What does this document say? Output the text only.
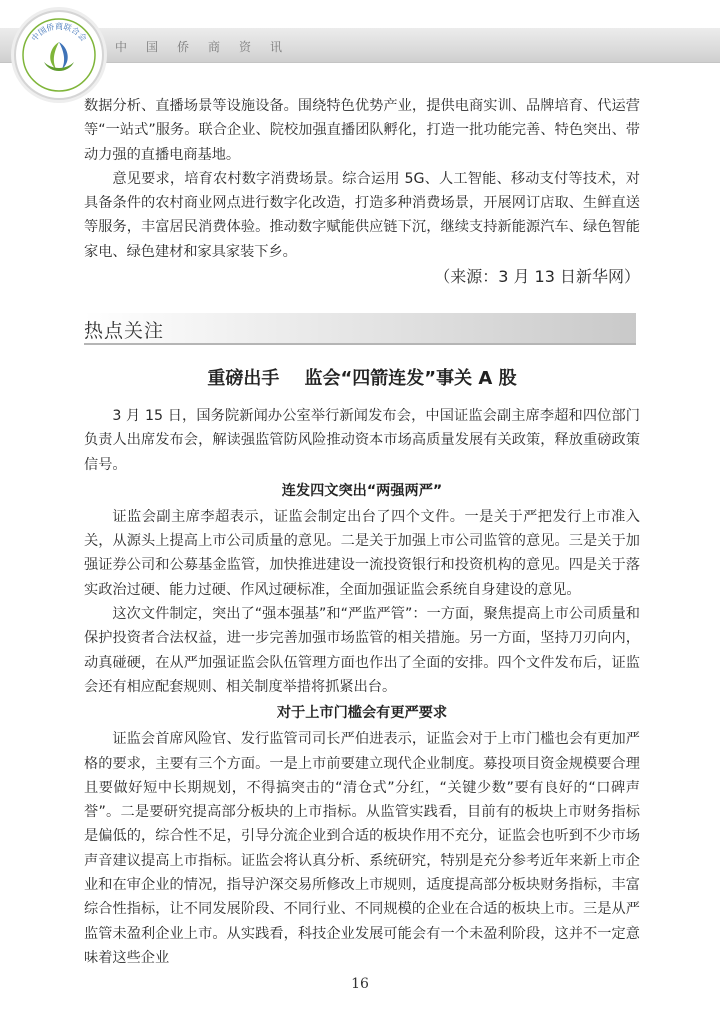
中国侨商资讯
中国侨商联合会

数据分析、直播场景等设施设备。围绕特色优势产业，提供电商实训、品牌培育、代运营等“一站式”服务。联合企业、院校加强直播团队孵化，打造一批功能完善、特色突出、带动力强的直播电商基地。

意见要求，培育农村数字消费场景。综合运用 5G、人工智能、移动支付等技术，对具备条件的农村商业网点进行数字化改造，打造多种消费场景，开展网订店取、生鲜直送等服务，丰富居民消费体验。推动数字赋能供应链下沉，继续支持新能源汽车、绿色智能家电、绿色建材和家具家装下乡。

（来源：3 月 13 日新华网）
热点关注
重磅出手    监会“四箭连发”事关 A 股

3 月 15 日，国务院新闻办公室举行新闻发布会，中国证监会副主席李超和四位部门负责人出席发布会，解读强监管防风险推动资本市场高质量发展有关政策，释放重磅政策信号。

连发四文突出“两强两严”

证监会副主席李超表示，证监会制定出台了四个文件。一是关于严把发行上市准入关，从源头上提高上市公司质量的意见。二是关于加强上市公司监管的意见。三是关于加强证券公司和公募基金监管，加快推进建设一流投资银行和投资机构的意见。四是关于落实政治过硬、能力过硬、作风过硬标准，全面加强证监会系统自身建设的意见。

这次文件制定，突出了“强本强基”和“严监严管”：一方面，聚焦提高上市公司质量和保护投资者合法权益，进一步完善加强市场监管的相关措施。另一方面，坚持刀刃向内，动真碰硬，在从严加强证监会队伍管理方面也作出了全面的安排。四个文件发布后，证监会还有相应配套规则、相关制度举措将抓紧出台。

对于上市门槛会有更严要求

证监会首席风险官、发行监管司司长严伯进表示，证监会对于上市门槛也会有更加严格的要求，主要有三个方面。一是上市前要建立现代企业制度。募投项目资金规模要合理且要做好短中长期规划，不得搞突击的“清仓式”分红，“关键少数”要有良好的“口碑声誉”。二是要研究提高部分板块的上市指标。从监管实践看，目前有的板块上市财务指标是偏低的，综合性不足，引导分流企业到合适的板块作用不充分，证监会也听到不少市场声音建议提高上市指标。证监会将认真分析、系统研究，特别是充分参考近年来新上市企业和在审企业的情况，指导沪深交易所修改上市规则，适度提高部分板块财务指标，丰富综合性指标，让不同发展阶段、不同行业、不同规模的企业在合适的板块上市。三是从严监管未盈利企业上市。从实践看，科技企业发展可能会有一个未盈利阶段，这并不一定意味着这些企业

16
